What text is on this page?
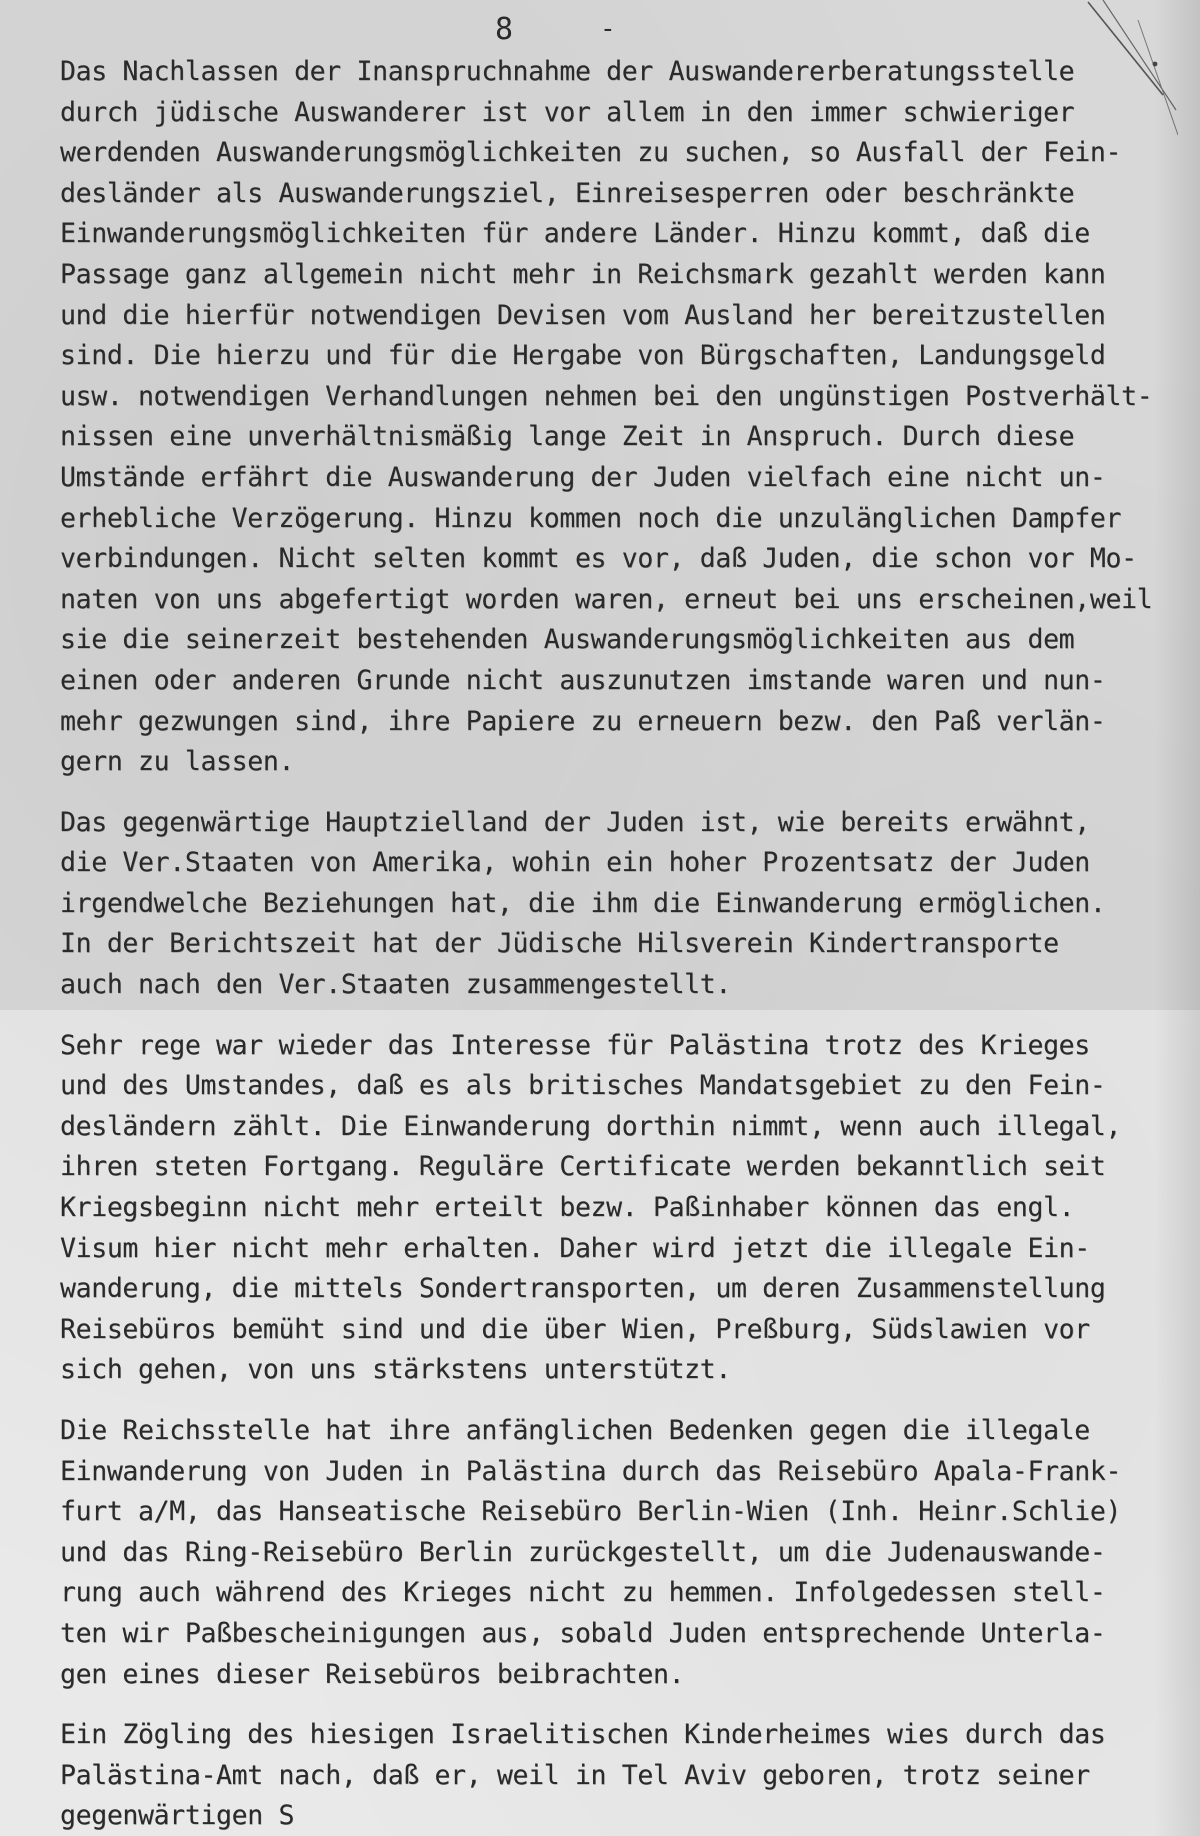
8	-
Das Nachlassen der Inanspruchnahme der Auswandererberatungsstelle
durch jüdische Auswanderer ist vor allem in den immer schwieriger
werdenden Auswanderungsmöglichkeiten zu suchen, so Ausfall der Fein-
desländer als Auswanderungsziel, Einreisesperren oder beschränkte
Einwanderungsmöglichkeiten für andere Länder. Hinzu kommt, daß die
Passage ganz allgemein nicht mehr in Reichsmark gezahlt werden kann
und die hierfür notwendigen Devisen vom Ausland her bereitzustellen
sind. Die hierzu und für die Hergabe von Bürgschaften, Landungsgeld
usw. notwendigen Verhandlungen nehmen bei den ungünstigen Postverhält-
nissen eine unverhältnismäßig lange Zeit in Anspruch. Durch diese
Umstände erfährt die Auswanderung der Juden vielfach eine nicht un-
erhebliche Verzögerung. Hinzu kommen noch die unzulänglichen Dampfer
verbindungen. Nicht selten kommt es vor, daß Juden, die schon vor Mo-
naten von uns abgefertigt worden waren, erneut bei uns erscheinen,weil
sie die seinerzeit bestehenden Auswanderungsmöglichkeiten aus dem
einen oder anderen Grunde nicht auszunutzen imstande waren und nun-
mehr gezwungen sind, ihre Papiere zu erneuern bezw. den Paß verlän-
gern zu lassen.
Das gegenwärtige Hauptzielland der Juden ist, wie bereits erwähnt,
die Ver.Staaten von Amerika, wohin ein hoher Prozentsatz der Juden
irgendwelche Beziehungen hat, die ihm die Einwanderung ermöglichen.
In der Berichtszeit hat der Jüdische Hilsverein Kindertransporte
auch nach den Ver.Staaten zusammengestellt.
Sehr rege war wieder das Interesse für Palästina trotz des Krieges
und des Umstandes, daß es als britisches Mandatsgebiet zu den Fein-
desländern zählt. Die Einwanderung dorthin nimmt, wenn auch illegal,
ihren steten Fortgang. Reguläre Certificate werden bekanntlich seit
Kriegsbeginn nicht mehr erteilt bezw. Paßinhaber können das engl.
Visum hier nicht mehr erhalten. Daher wird jetzt die illegale Ein-
wanderung, die mittels Sondertransporten, um deren Zusammenstellung
Reisebüros bemüht sind und die über Wien, Preßburg, Südslawien vor
sich gehen, von uns stärkstens unterstützt.
Die Reichsstelle hat ihre anfänglichen Bedenken gegen die illegale
Einwanderung von Juden in Palästina durch das Reisebüro Apala-Frank-
furt a/M, das Hanseatische Reisebüro Berlin-Wien (Inh. Heinr.Schlie)
und das Ring-Reisebüro Berlin zurückgestellt, um die Judenauswande-
rung auch während des Krieges nicht zu hemmen. Infolgedessen stell-
ten wir Paßbescheinigungen aus, sobald Juden entsprechende Unterla-
gen eines dieser Reisebüros beibrachten.
Ein Zögling des hiesigen Israelitischen Kinderheimes wies durch das
Palästina-Amt nach, daß er, weil in Tel Aviv geboren, trotz seiner
gegenwärtigen S
